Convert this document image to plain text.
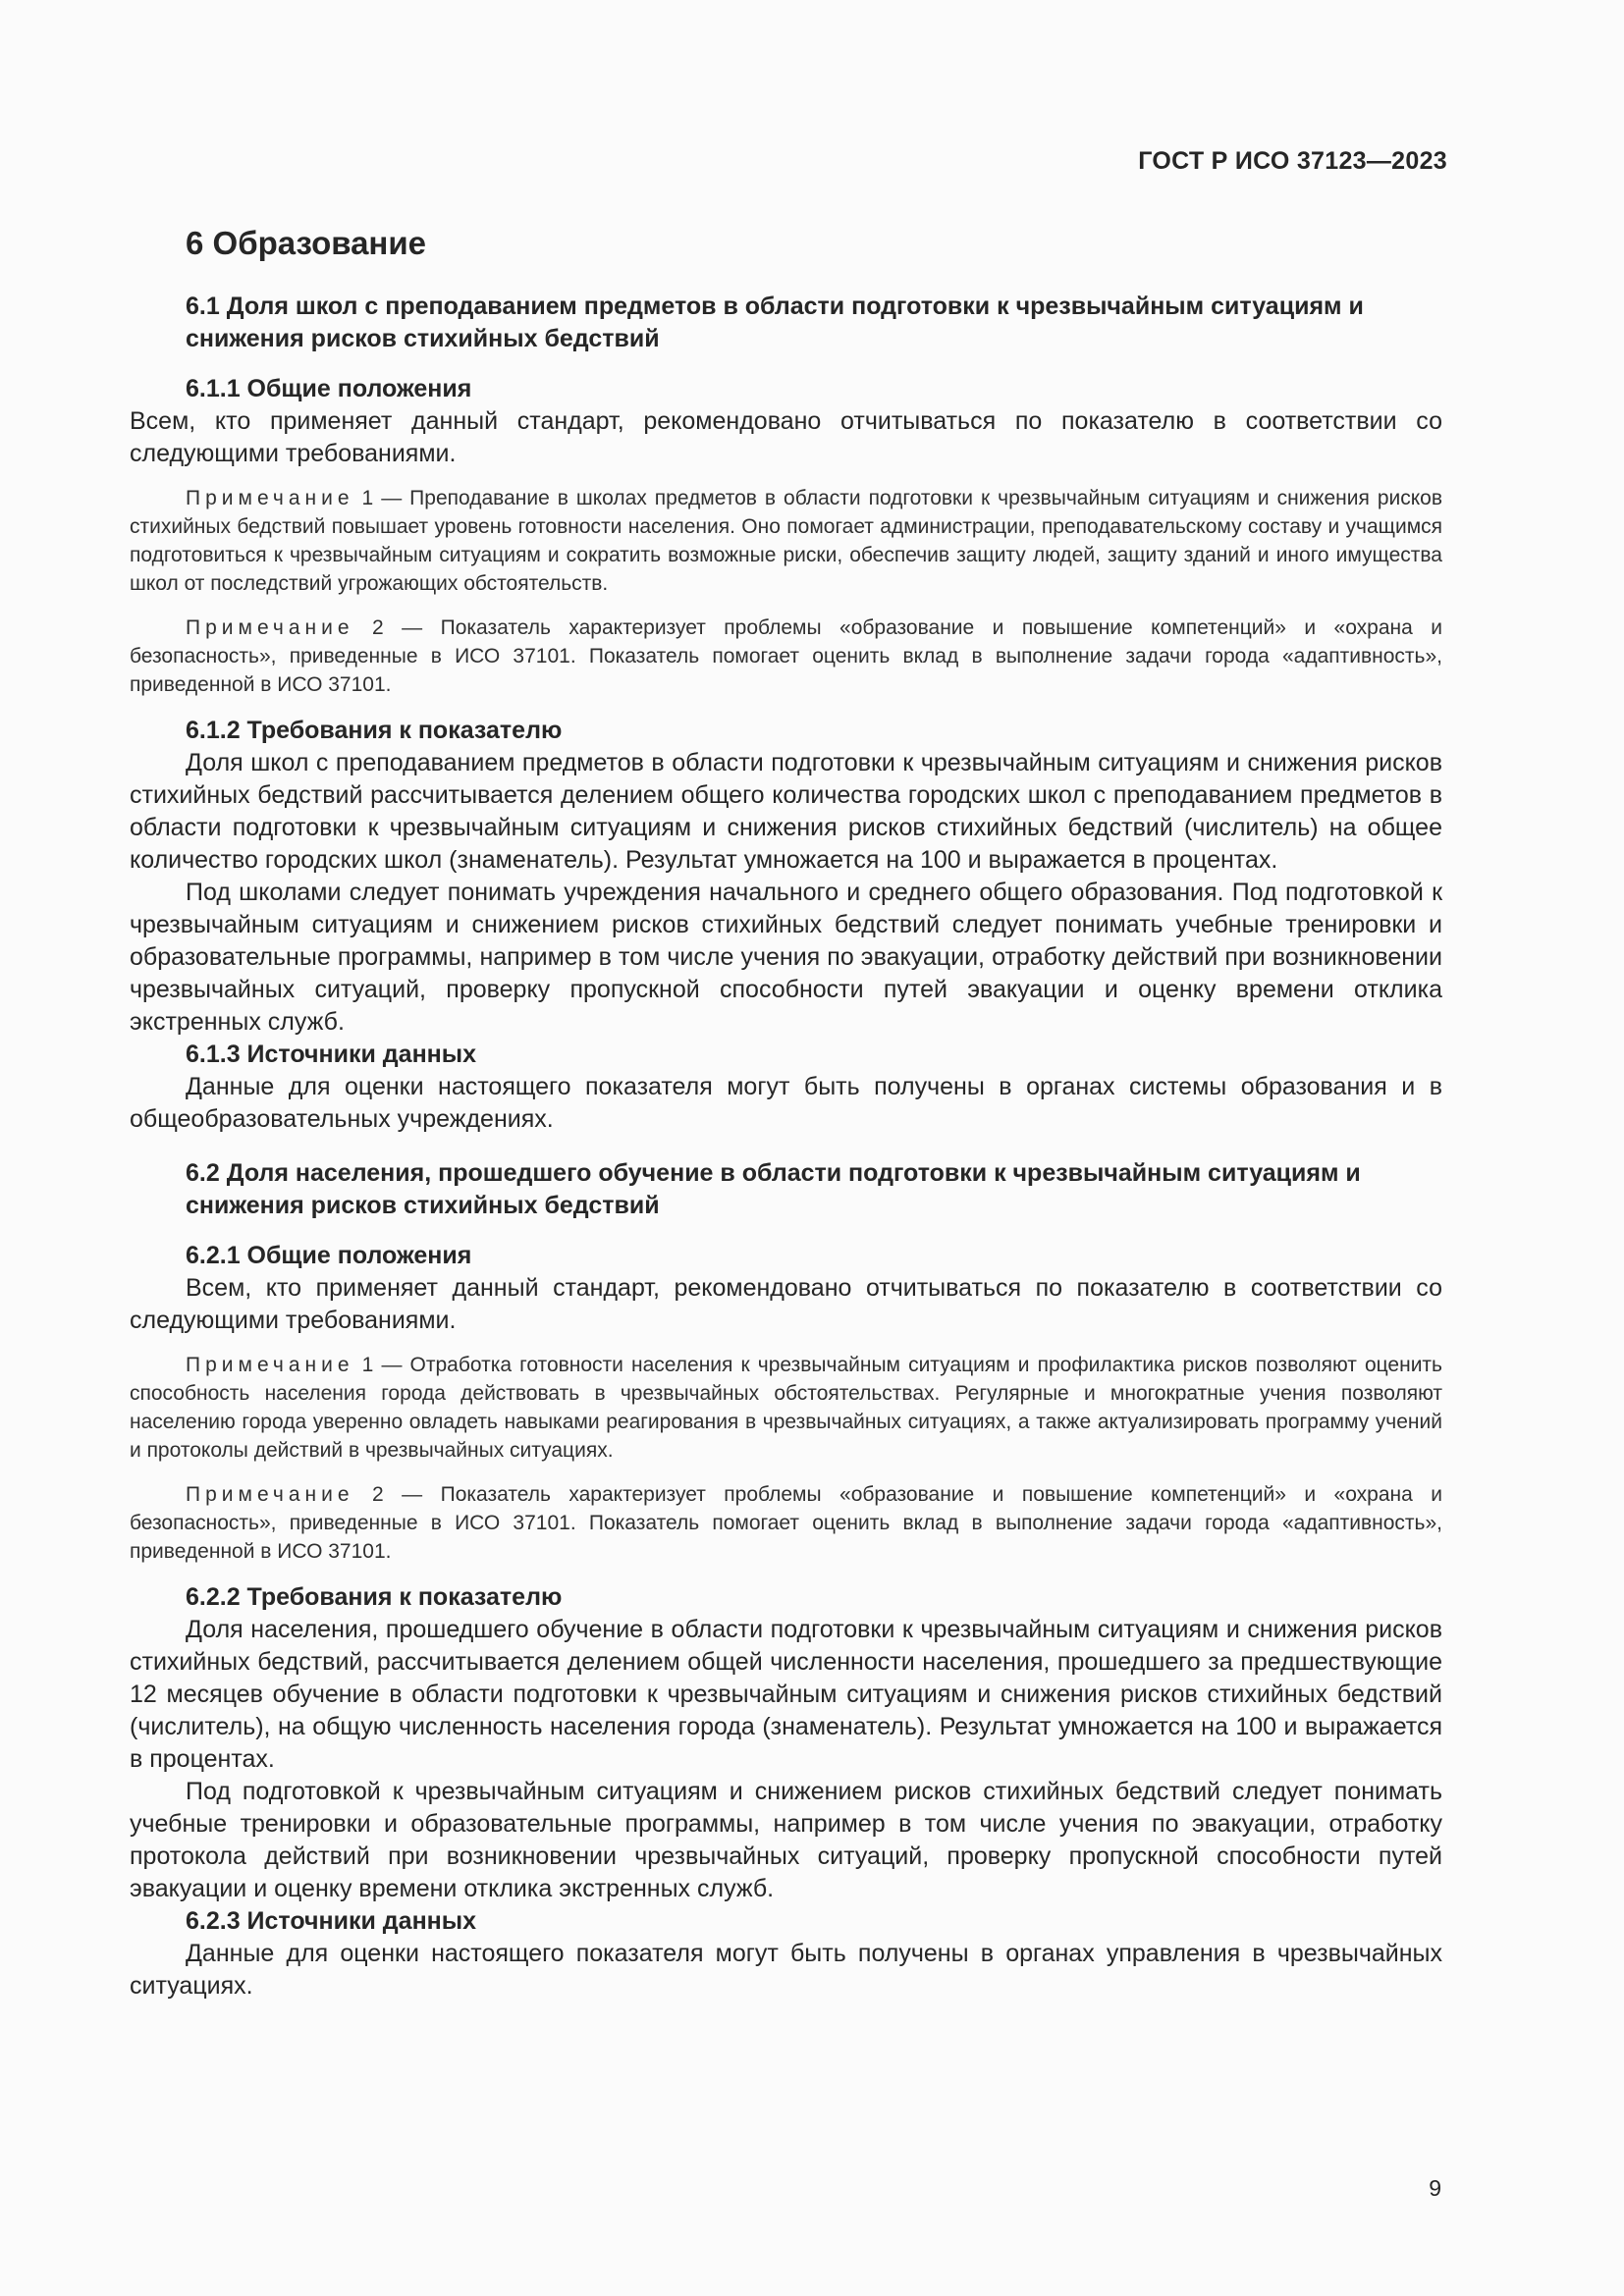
ГОСТ Р ИСО 37123—2023
6 Образование
6.1 Доля школ с преподаванием предметов в области подготовки к чрезвычайным ситуациям и снижения рисков стихийных бедствий
6.1.1 Общие положения

Всем, кто применяет данный стандарт, рекомендовано отчитываться по показателю в соответствии со следующими требованиями.

Примечание 1 — Преподавание в школах предметов в области подготовки к чрезвычайным ситуациям и снижения рисков стихийных бедствий повышает уровень готовности населения. Оно помогает администрации, преподавательскому составу и учащимся подготовиться к чрезвычайным ситуациям и сократить возможные риски, обеспечив защиту людей, защиту зданий и иного имущества школ от последствий угрожающих обстоятельств.
Примечание 2 — Показатель характеризует проблемы «образование и повышение компетенций» и «охрана и безопасность», приведенные в ИСО 37101. Показатель помогает оценить вклад в выполнение задачи города «адаптивность», приведенной в ИСО 37101.
6.1.2 Требования к показателю

Доля школ с преподаванием предметов в области подготовки к чрезвычайным ситуациям и снижения рисков стихийных бедствий рассчитывается делением общего количества городских школ с преподаванием предметов в области подготовки к чрезвычайным ситуациям и снижения рисков стихийных бедствий (числитель) на общее количество городских школ (знаменатель). Результат умножается на 100 и выражается в процентах.

Под школами следует понимать учреждения начального и среднего общего образования. Под подготовкой к чрезвычайным ситуациям и снижением рисков стихийных бедствий следует понимать учебные тренировки и образовательные программы, например в том числе учения по эвакуации, отработку действий при возникновении чрезвычайных ситуаций, проверку пропускной способности путей эвакуации и оценку времени отклика экстренных служб.

6.1.3 Источники данных

Данные для оценки настоящего показателя могут быть получены в органах системы образования и в общеобразовательных учреждениях.

6.2 Доля населения, прошедшего обучение в области подготовки к чрезвычайным ситуациям и снижения рисков стихийных бедствий
6.2.1 Общие положения

Всем, кто применяет данный стандарт, рекомендовано отчитываться по показателю в соответствии со следующими требованиями.

Примечание 1 — Отработка готовности населения к чрезвычайным ситуациям и профилактика рисков позволяют оценить способность населения города действовать в чрезвычайных обстоятельствах. Регулярные и многократные учения позволяют населению города уверенно овладеть навыками реагирования в чрезвычайных ситуациях, а также актуализировать программу учений и протоколы действий в чрезвычайных ситуациях.
Примечание 2 — Показатель характеризует проблемы «образование и повышение компетенций» и «охрана и безопасность», приведенные в ИСО 37101. Показатель помогает оценить вклад в выполнение задачи города «адаптивность», приведенной в ИСО 37101.
6.2.2 Требования к показателю

Доля населения, прошедшего обучение в области подготовки к чрезвычайным ситуациям и снижения рисков стихийных бедствий, рассчитывается делением общей численности населения, прошедшего за предшествующие 12 месяцев обучение в области подготовки к чрезвычайным ситуациям и снижения рисков стихийных бедствий (числитель), на общую численность населения города (знаменатель). Результат умножается на 100 и выражается в процентах.

Под подготовкой к чрезвычайным ситуациям и снижением рисков стихийных бедствий следует понимать учебные тренировки и образовательные программы, например в том числе учения по эвакуации, отработку протокола действий при возникновении чрезвычайных ситуаций, проверку пропускной способности путей эвакуации и оценку времени отклика экстренных служб.

6.2.3 Источники данных

Данные для оценки настоящего показателя могут быть получены в органах управления в чрезвычайных ситуациях.

9
